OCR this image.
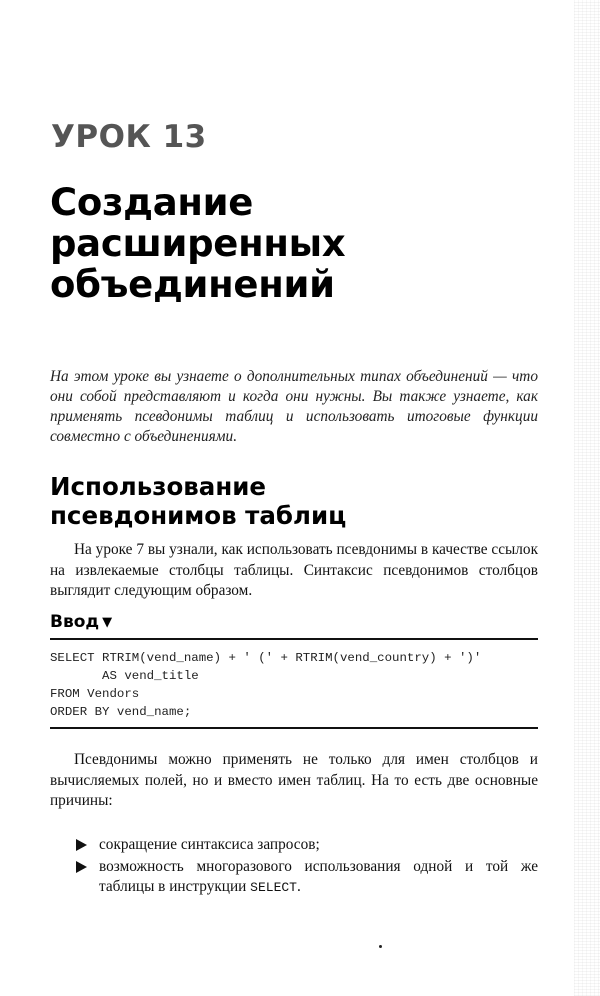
УРОК 13
Создание
расширенных
объединений
На этом уроке вы узнаете о дополнительных типах объединений — что они собой представляют и когда они нужны. Вы также узнаете, как применять псевдонимы таблиц и использовать итоговые функции совместно с объединениями.
Использование
псевдонимов таблиц
На уроке 7 вы узнали, как использовать псевдонимы в качестве ссылок на извлекаемые столбцы таблицы. Синтаксис псевдонимов столбцов выглядит следующим образом.
Ввод ▼
SELECT RTRIM(vend_name) + ' (' + RTRIM(vend_country) + ')'
AS vend_title
FROM Vendors
ORDER BY vend_name;
Псевдонимы можно применять не только для имен столбцов и вычисляемых полей, но и вместо имен таблиц. На то есть две основные причины:
сокращение синтаксиса запросов;
возможность многоразового использования одной и той же таблицы в инструкции SELECT.
